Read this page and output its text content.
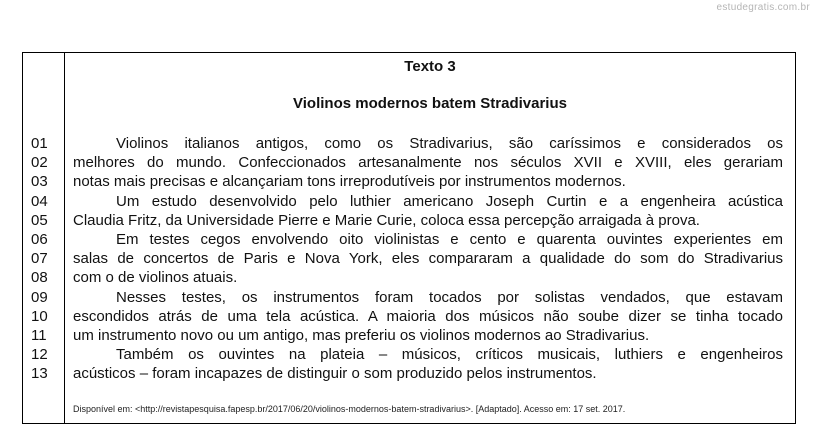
estudegratis.com.br
Texto 3
Violinos modernos batem Stradivarius
01
02
03
04
05
06
07
08
09
10
11
12
13
Violinos italianos antigos, como os Stradivarius, são caríssimos e considerados os
melhores do mundo. Confeccionados artesanalmente nos séculos XVII e XVIII, eles gerariam
notas mais precisas e alcançariam tons irreprodutíveis por instrumentos modernos.
Um estudo desenvolvido pelo luthier americano Joseph Curtin e a engenheira acústica
Claudia Fritz, da Universidade Pierre e Marie Curie, coloca essa percepção arraigada à prova.
Em testes cegos envolvendo oito violinistas e cento e quarenta ouvintes experientes em
salas de concertos de Paris e Nova York, eles compararam a qualidade do som do Stradivarius
com o de violinos atuais.
Nesses testes, os instrumentos foram tocados por solistas vendados, que estavam
escondidos atrás de uma tela acústica. A maioria dos músicos não soube dizer se tinha tocado
um instrumento novo ou um antigo, mas preferiu os violinos modernos ao Stradivarius.
Também os ouvintes na plateia – músicos, críticos musicais, luthiers e engenheiros
acústicos – foram incapazes de distinguir o som produzido pelos instrumentos.
Disponível em: <http://revistapesquisa.fapesp.br/2017/06/20/violinos-modernos-batem-stradivarius>. [Adaptado]. Acesso em: 17 set. 2017.
